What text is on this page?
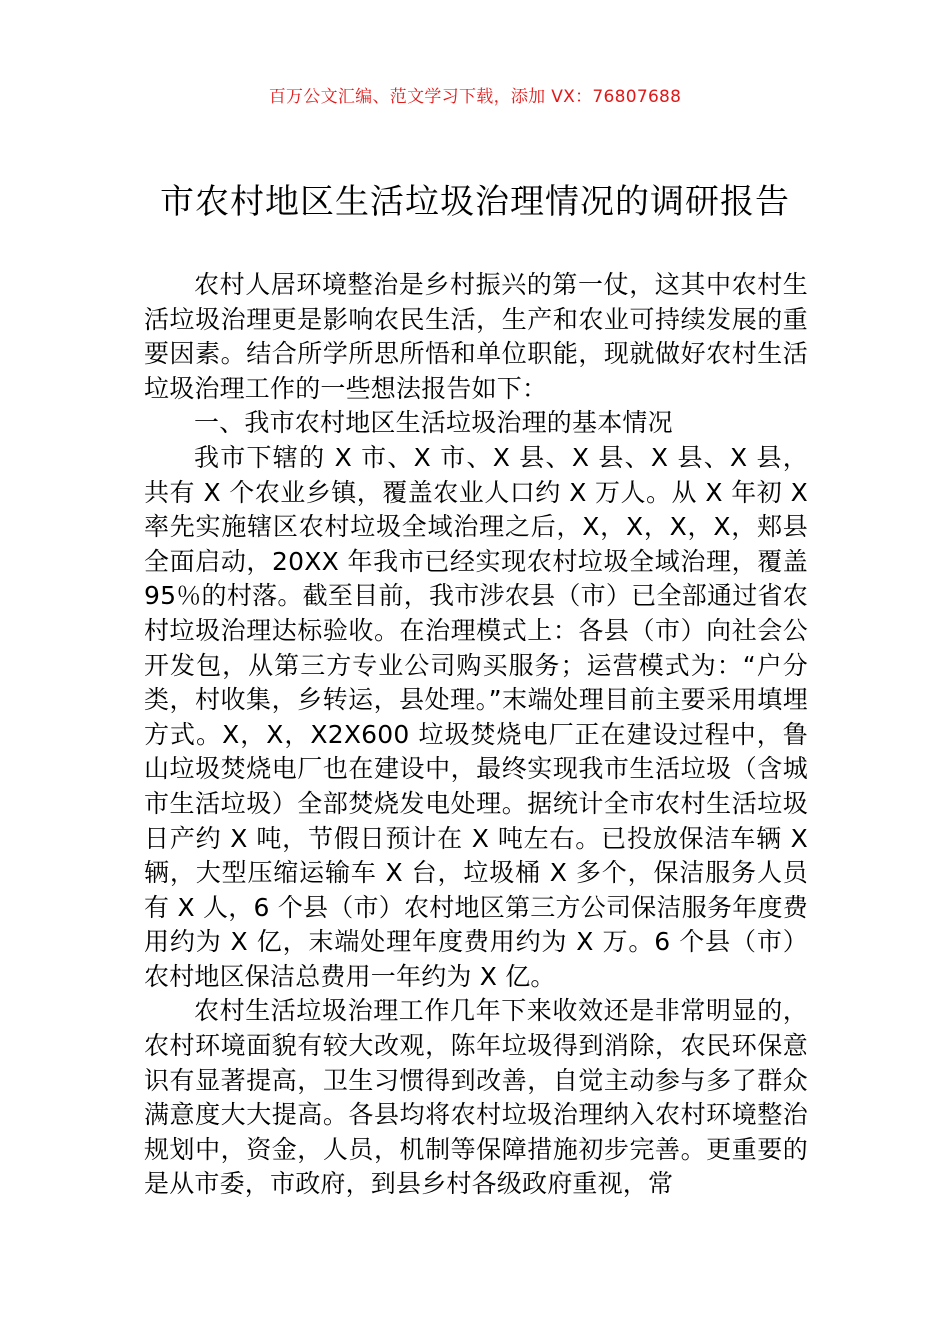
百万公文汇编、范文学习下载，添加 VX：76807688
市农村地区生活垃圾治理情况的调研报告

农村人居环境整治是乡村振兴的第一仗，这其中农村生活垃圾治理更是影响农民生活，生产和农业可持续发展的重要因素。结合所学所思所悟和单位职能，现就做好农村生活垃圾治理工作的一些想法报告如下：

一、我市农村地区生活垃圾治理的基本情况

我市下辖的 X 市、X 市、X 县、X 县、X 县、X 县，共有 X 个农业乡镇，覆盖农业人口约 X 万人。从 X 年初 X 率先实施辖区农村垃圾全域治理之后，X，X，X，X，郏县全面启动，20XX 年我市已经实现农村垃圾全域治理，覆盖 95％的村落。截至目前，我市涉农县（市）已全部通过省农村垃圾治理达标验收。在治理模式上：各县（市）向社会公开发包，从第三方专业公司购买服务；运营模式为：“户分类，村收集，乡转运，县处理。”末端处理目前主要采用填埋方式。X，X，X2X600 垃圾焚烧电厂正在建设过程中，鲁山垃圾焚烧电厂也在建设中，最终实现我市生活垃圾（含城市生活垃圾）全部焚烧发电处理。据统计全市农村生活垃圾日产约 X 吨，节假日预计在 X 吨左右。已投放保洁车辆 X 辆，大型压缩运输车 X 台，垃圾桶 X 多个，保洁服务人员有 X 人，6 个县（市）农村地区第三方公司保洁服务年度费用约为 X 亿，末端处理年度费用约为 X 万。6 个县（市）农村地区保洁总费用一年约为 X 亿。

农村生活垃圾治理工作几年下来收效还是非常明显的，农村环境面貌有较大改观，陈年垃圾得到消除，农民环保意识有显著提高，卫生习惯得到改善，自觉主动参与多了群众满意度大大提高。各县均将农村垃圾治理纳入农村环境整治规划中，资金，人员，机制等保障措施初步完善。更重要的是从市委，市政府，到县乡村各级政府重视，常
